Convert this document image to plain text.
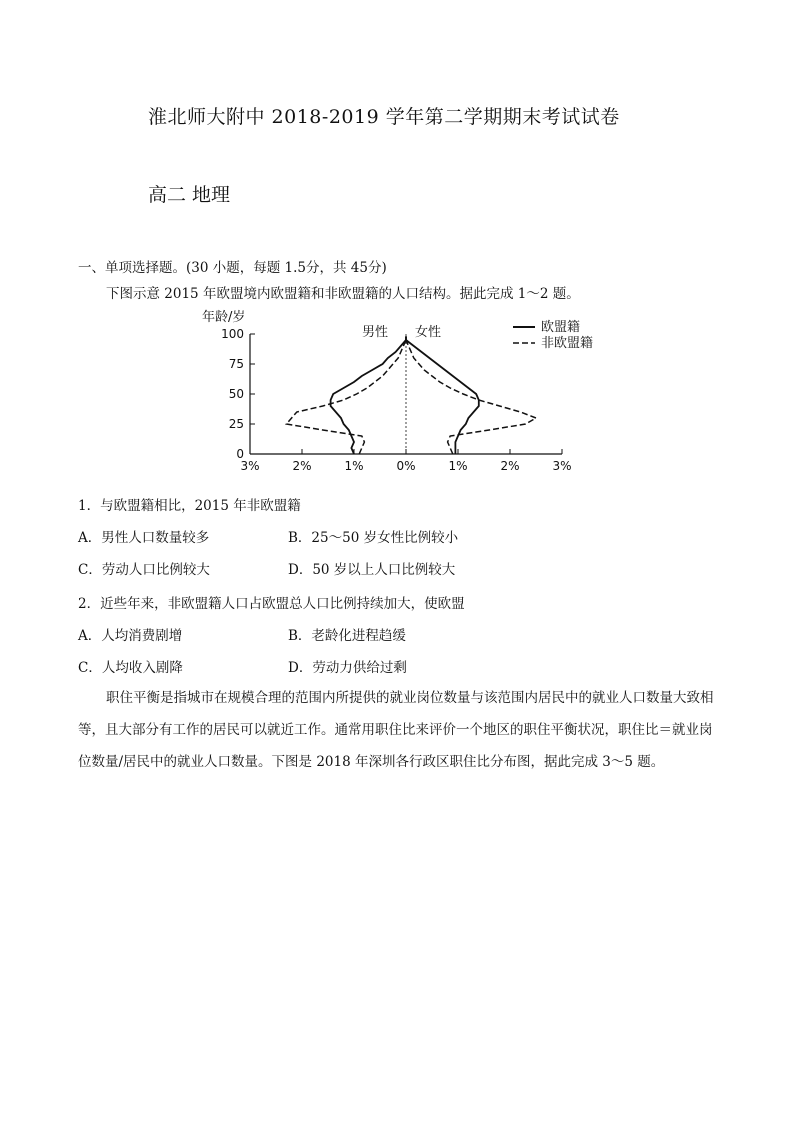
淮北师大附中 2018-2019 学年第二学期期末考试试卷
高二 地理
一、单项选择题。(30 小题，每题 1.5分，共 45分)
下图示意 2015 年欧盟境内欧盟籍和非欧盟籍的人口结构。据此完成 1～2 题。
年龄/岁
0
25
50
75
100
3%	2%	1%	0%	1%	2%	3%
男性 女性	欧盟籍
非欧盟籍
1．与欧盟籍相比，2015 年非欧盟籍
A．男性人口数量较多	B．25～50 岁女性比例较小
C．劳动人口比例较大	D．50 岁以上人口比例较大
2．近些年来，非欧盟籍人口占欧盟总人口比例持续加大，使欧盟
A．人均消费剧增	B．老龄化进程趋缓
C．人均收入剧降	D．劳动力供给过剩
职住平衡是指城市在规模合理的范围内所提供的就业岗位数量与该范围内居民中的就业人口数量大致相等，且大部分有工作的居民可以就近工作。通常用职住比来评价一个地区的职住平衡状况，职住比＝就业岗位数量/居民中的就业人口数量。下图是 2018 年深圳各行政区职住比分布图，据此完成 3～5 题。
